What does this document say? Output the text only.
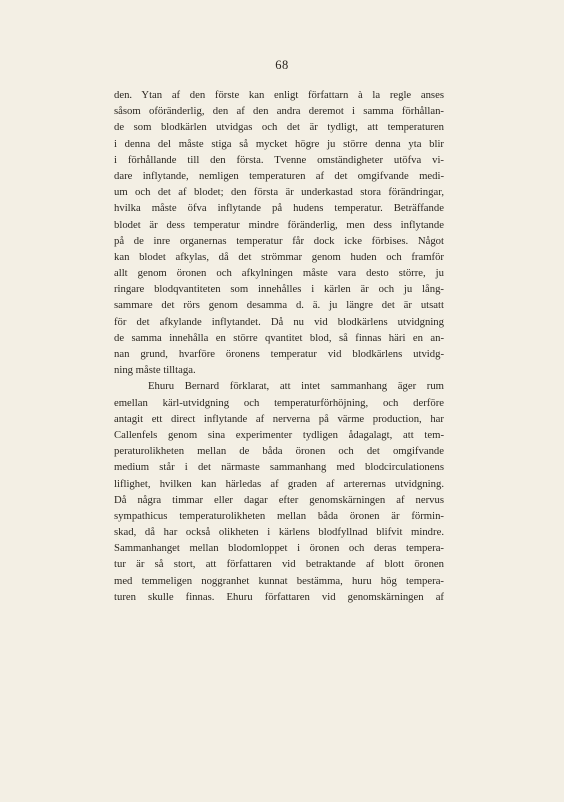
68
den. Ytan af den förste kan enligt författarn à la regle anses
såsom oföränderlig, den af den andra deremot i samma förhållan-
de som blodkärlen utvidgas och det är tydligt, att temperaturen
i denna del måste stiga så mycket högre ju större denna yta blir
i förhållande till den första. Tvenne omständigheter utöfva vi-
dare inflytande, nemligen temperaturen af det omgifvande medi-
um och det af blodet; den första är underkastad stora förändringar,
hvilka måste öfva inflytande på hudens temperatur. Beträffande
blodet är dess temperatur mindre föränderlig, men dess inflytande
på de inre organernas temperatur får dock icke förbises. Något
kan blodet afkylas, då det strömmar genom huden och framför
allt genom öronen och afkylningen måste vara desto större, ju
ringare blodqvantiteten som innehålles i kärlen är och ju lång-
sammare det rörs genom desamma d. ä. ju längre det är utsatt
för det afkylande inflytandet. Då nu vid blodkärlens utvidgning
de samma innehålla en större qvantitet blod, så finnas häri en an-
nan grund, hvarföre öronens temperatur vid blodkärlens utvidg-
ning måste tilltaga.
Ehuru Bernard förklarat, att intet sammanhang äger rum
emellan kärl-utvidgning och temperaturförhöjning, och derföre
antagit ett direct inflytande af nerverna på värme production, har
Callenfels genom sina experimenter tydligen ådagalagt, att tem-
peraturolikheten mellan de båda öronen och det omgifvande
medium står i det närmaste sammanhang med blodcirculationens
liflighet, hvilken kan härledas af graden af arterernas utvidgning.
Då några timmar eller dagar efter genomskärningen af nervus
sympathicus temperaturolikheten mellan båda öronen är förmin-
skad, då har också olikheten i kärlens blodfyllnad blifvit mindre.
Sammanhanget mellan blodomloppet i öronen och deras tempera-
tur är så stort, att författaren vid betraktande af blott öronen
med temmeligen noggranhet kunnat bestämma, huru hög tempera-
turen skulle finnas. Ehuru författaren vid genomskärningen af
